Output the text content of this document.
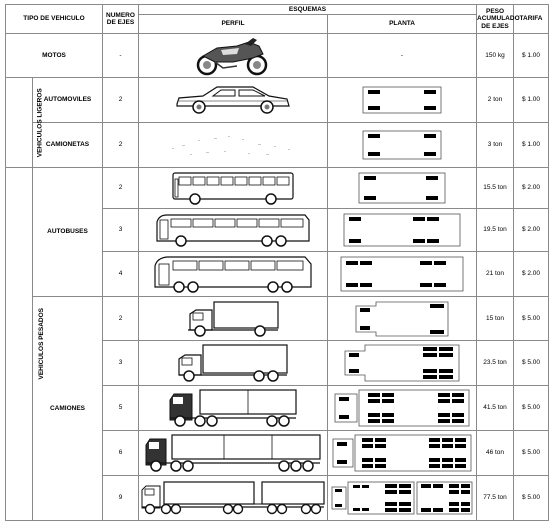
TIPO DE VEHICULO		NUMERO DE EJES	ESQUEMAS		PESO ACUMULADO DE EJES	TARIFA
			PERFIL	PLANTA		
MOTOS		-		-	150 kg	$ 1.00
VEHICULOS LIGEROS	AUTOMOVILES	2			2 ton	$ 1.00
	CAMIONETAS	2			3 ton	$ 1.00
VEHICULOS PESADOS	AUTOBUSES	2			15.5 ton	$ 2.00
		3			19.5 ton	$ 2.00
		4			21 ton	$ 2.00
	CAMIONES	2			15 ton	$ 5.00
		3			23.5 ton	$ 5.00
		5			41.5 ton	$ 5.00
		6			46 ton	$ 5.00
		9			77.5 ton	$ 5.00
